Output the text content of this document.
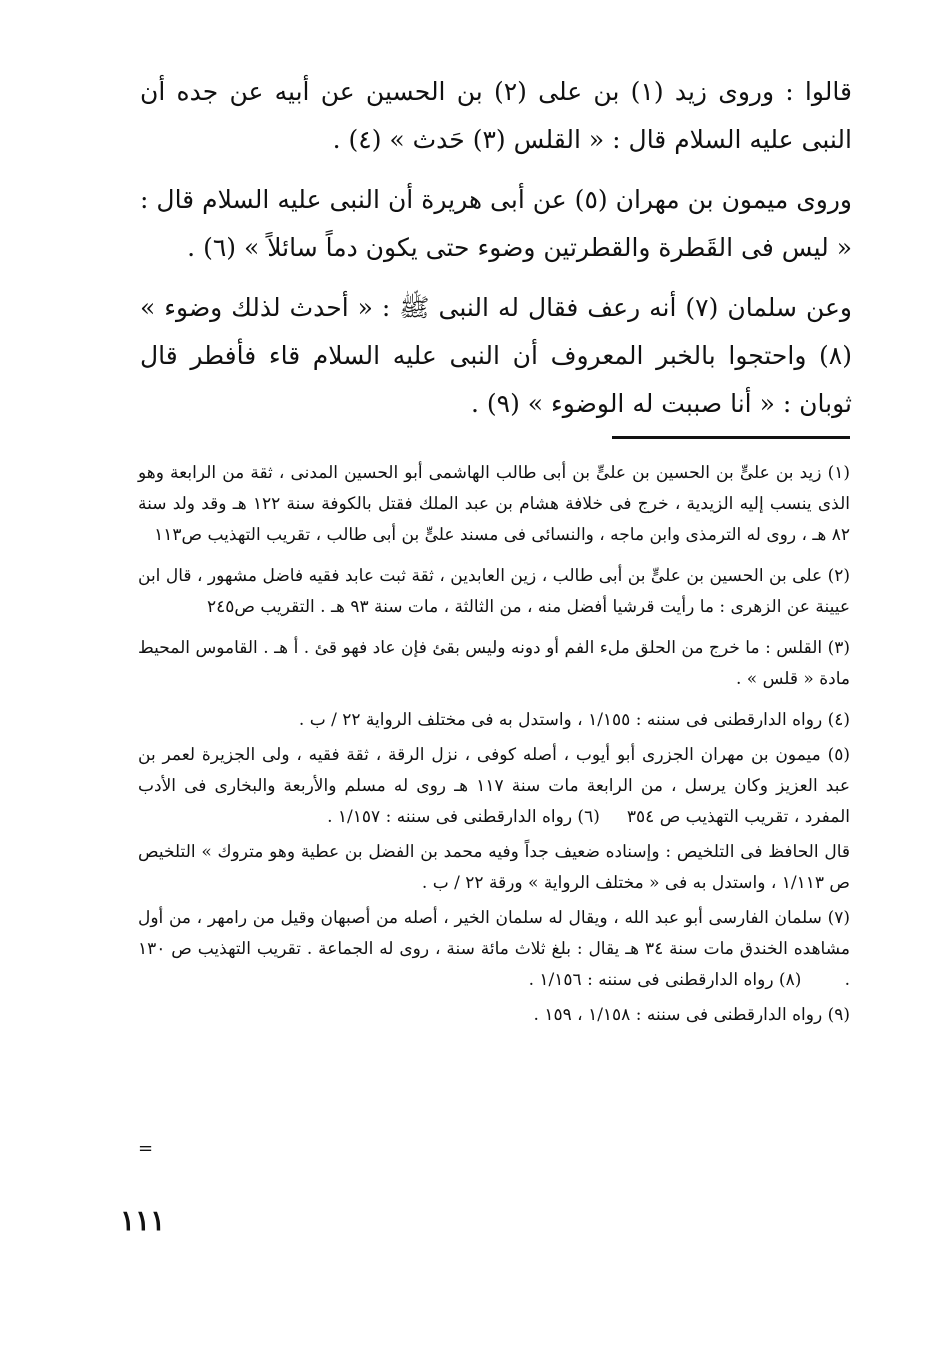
قالوا : وروى زيد (١) بن على (٢) بن الحسين عن أبيه عن جده أن النبى عليه السلام قال : « القلس (٣) حَدث » (٤) .

وروى ميمون بن مهران (٥) عن أبى هريرة أن النبى عليه السلام قال : « ليس فى القَطرة والقطرتين وضوء حتى يكون دماً سائلاً » (٦) .

وعن سلمان (٧) أنه رعف فقال له النبى ﷺ : « أحدث لذلك وضوء » (٨) واحتجوا بالخبر المعروف أن النبى عليه السلام قاء فأفطر قال ثوبان : « أنا صببت له الوضوء » (٩) .

(١) زيد بن علىٍّ بن الحسين بن علىٍّ بن أبى طالب الهاشمى أبو الحسين المدنى ، ثقة من الرابعة وهو الذى ينسب إليه الزيدية ، خرج فى خلافة هشام بن عبد الملك فقتل بالكوفة سنة ١٢٢ هـ وقد ولد سنة ٨٢ هـ ، روى له الترمذى وابن ماجه ، والنسائى فى مسند علىٍّ بن أبى طالب ، تقريب التهذيب ص١١٣

(٢) على بن الحسين بن علىٍّ بن أبى طالب ، زين العابدين ، ثقة ثبت عابد فقيه فاضل مشهور ، قال ابن عيينة عن الزهرى : ما رأيت قرشيا أفضل منه ، من الثالثة ، مات سنة ٩٣ هـ . التقريب ص٢٤٥

(٣) القلس : ما خرج من الحلق ملء الفم أو دونه وليس بقئ فإن عاد فهو قئ . أ هـ . القاموس المحيط مادة « قلس » .

(٤) رواه الدارقطنى فى سننه : ١/١٥٥ ، واستدل به فى مختلف الرواية ٢٢ / ب .

(٥) ميمون بن مهران الجزرى أبو أيوب ، أصله كوفى ، نزل الرقة ، ثقة فقيه ، ولى الجزيرة لعمر بن عبد العزيز وكان يرسل ، من الرابعة مات سنة ١١٧ هـ روى له مسلم والأربعة والبخارى فى الأدب المفرد ، تقريب التهذيب ص ٣٥٤     (٦) رواه الدارقطنى فى سننه : ١/١٥٧ .

قال الحافظ فى التلخيص : وإسناده ضعيف جداً وفيه محمد بن الفضل بن عطية وهو متروك » التلخيص ص ١/١١٣ ، واستدل به فى « مختلف الرواية » ورقة ٢٢ / ب .

(٧) سلمان الفارسى أبو عبد الله ، ويقال له سلمان الخير ، أصله من أصبهان وقيل من رامهر ، من أول مشاهده الخندق مات سنة ٣٤ هـ يقال : بلغ ثلاث مائة سنة ، روى له الجماعة . تقريب التهذيب ص ١٣٠ .        (٨) رواه الدارقطنى فى سننه : ١/١٥٦ .

(٩) رواه الدارقطنى فى سننه : ١/١٥٨ ، ١٥٩ .

=
١١١
